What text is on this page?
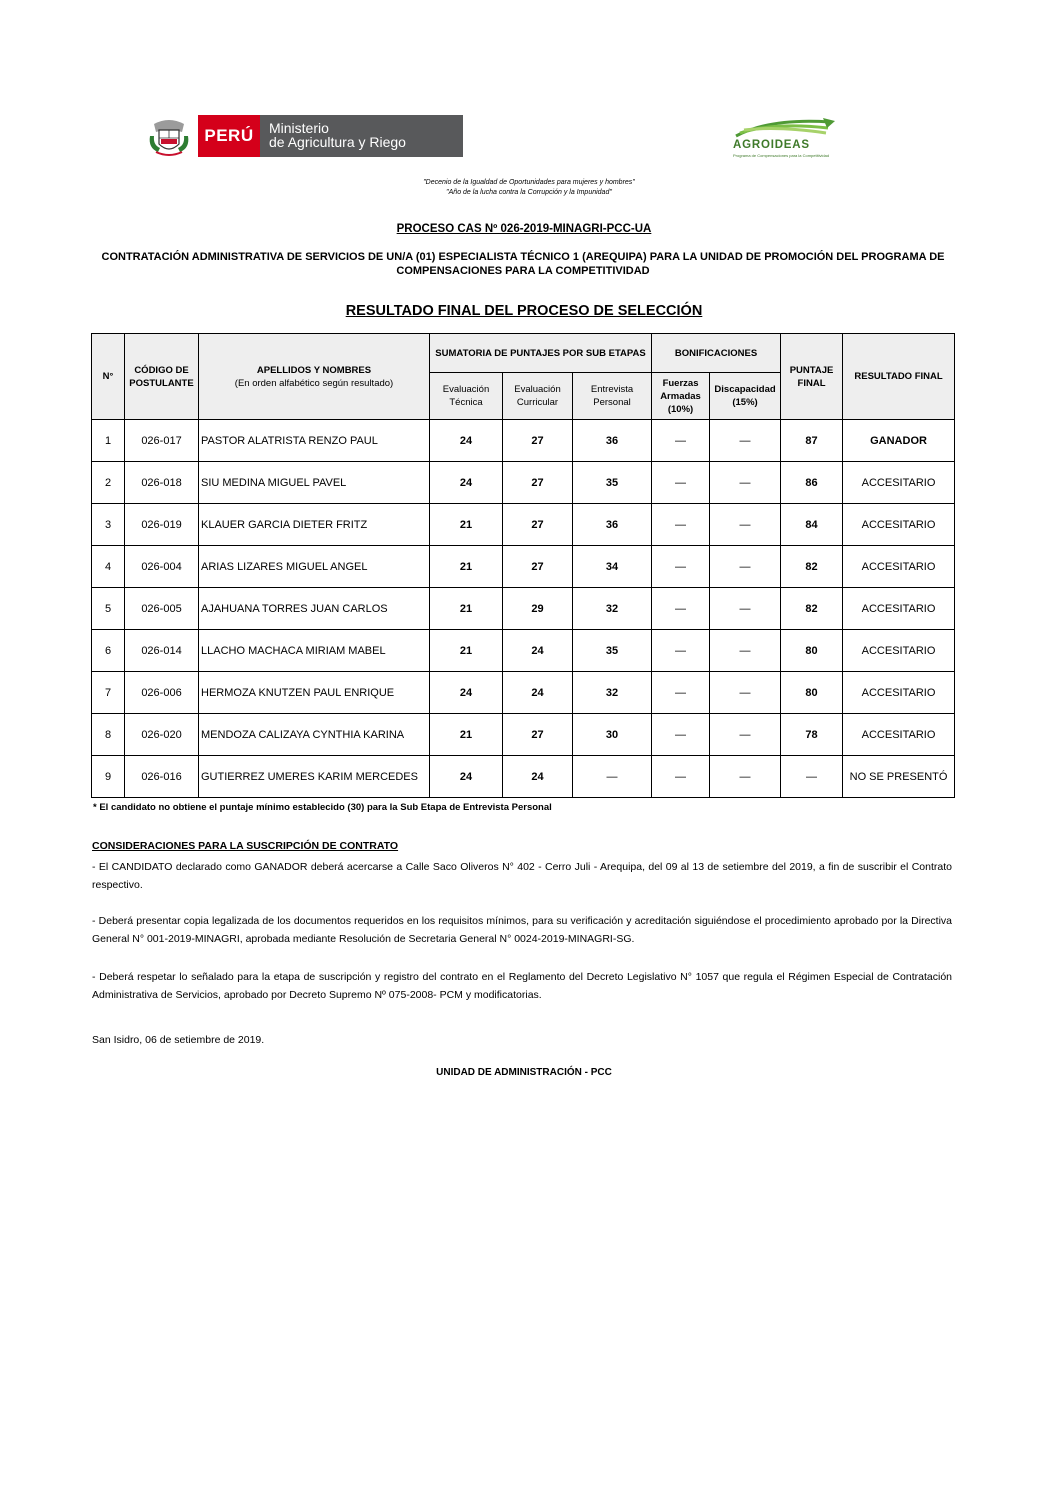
PERÚ Ministerio
de Agricultura y Riego	AGROIDEAS
Programa de Compensaciones para la Competitividad
"Decenio de la Igualdad de Oportunidades para mujeres y hombres"
"Año de la lucha contra la Corrupción y la Impunidad"
PROCESO CAS Nº 026-2019-MINAGRI-PCC-UA
CONTRATACIÓN ADMINISTRATIVA DE SERVICIOS DE UN/A (01) ESPECIALISTA TÉCNICO 1 (AREQUIPA) PARA LA UNIDAD DE PROMOCIÓN DEL PROGRAMA DE COMPENSACIONES PARA LA COMPETITIVIDAD
RESULTADO FINAL DEL PROCESO DE SELECCIÓN
N°	CÓDIGO DE POSTULANTE	APELLIDOS Y NOMBRES
(En orden alfabético según resultado)	SUMATORIA DE PUNTAJES POR SUB ETAPAS			BONIFICACIONES		PUNTAJE FINAL	RESULTADO FINAL
			Evaluación Técnica	Evaluación Curricular	Entrevista Personal	Fuerzas Armadas (10%)	Discapacidad (15%)		
1	026-017	PASTOR ALATRISTA RENZO PAUL	24	27	36	—	—	87	GANADOR
2	026-018	SIU MEDINA MIGUEL PAVEL	24	27	35	—	—	86	ACCESITARIO
3	026-019	KLAUER GARCIA DIETER FRITZ	21	27	36	—	—	84	ACCESITARIO
4	026-004	ARIAS LIZARES MIGUEL ANGEL	21	27	34	—	—	82	ACCESITARIO
5	026-005	AJAHUANA TORRES JUAN CARLOS	21	29	32	—	—	82	ACCESITARIO
6	026-014	LLACHO MACHACA MIRIAM MABEL	21	24	35	—	—	80	ACCESITARIO
7	026-006	HERMOZA KNUTZEN PAUL ENRIQUE	24	24	32	—	—	80	ACCESITARIO
8	026-020	MENDOZA CALIZAYA CYNTHIA KARINA	21	27	30	—	—	78	ACCESITARIO
9	026-016	GUTIERREZ UMERES KARIM MERCEDES	24	24	—	—	—	—	NO SE PRESENTÓ
* El candidato no obtiene el puntaje mínimo establecido (30) para la Sub Etapa de Entrevista Personal
CONSIDERACIONES PARA LA SUSCRIPCIÓN DE CONTRATO
- El CANDIDATO declarado como GANADOR deberá acercarse a Calle Saco Oliveros N° 402 - Cerro Juli - Arequipa, del 09 al 13 de setiembre del 2019, a fin de suscribir el Contrato respectivo.
- Deberá presentar copia legalizada de los documentos requeridos en los requisitos mínimos, para su verificación y acreditación siguiéndose el procedimiento aprobado por la Directiva General N° 001-2019-MINAGRI, aprobada mediante Resolución de Secretaria General N° 0024-2019-MINAGRI-SG.
- Deberá respetar lo señalado para la etapa de suscripción y registro del contrato en el Reglamento del Decreto Legislativo N° 1057 que regula el Régimen Especial de Contratación Administrativa de Servicios, aprobado por Decreto Supremo Nº 075-2008- PCM y modificatorias.
San Isidro, 06 de setiembre de 2019.
UNIDAD DE ADMINISTRACIÓN - PCC
